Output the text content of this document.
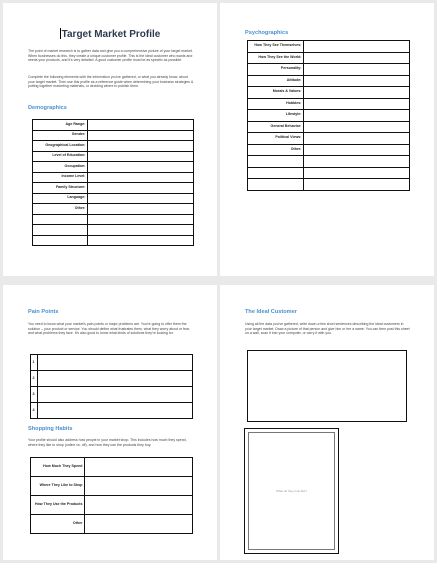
Target Market Profile
The point of market research is to gather data and give you a comprehensive picture of your target market. When businesses do this, they create a unique customer profile. This is the ideal customer who wants and needs your products, and it's very detailed. A good customer profile must be as specific as possible.
Complete the following elements with the information you've gathered, or what you already know, about your target market. Then use this profile as a reference guide when determining your business strategies & putting together marketing materials, or deciding where to publish them.
Demographics
Age Range:	
Gender:	
Geographical Location:	
Level of Education:	
Occupation:	
Income Level:	
Family Structure:	
Language:	
Other:	

Psychographics
How They See Themselves:	
How They See the World:	
Personality:	
Attitude:	
Morals & Values:	
Hobbies:	
Lifestyle:	
General Behavior:	
Political Views:	
Other:	

Pain Points
You need to know what your market's pain points or major problems are. You're going to offer them the solution – your product or service. You should define what frustrates them, what they worry about or fear, and what problems they face. It's also good to know what kinds of solutions they're looking for.
1	
2	
3	
4	
Shopping Habits
Your profile should also address how people in your market shop. This includes how much they spend, where they like to shop (online vs. off), and how they use the products they buy.
How Much They Spend	
Where They Like to Shop	
How They Use the Products	
Other	
The Ideal Customer
Using all the data you've gathered, write down a few short sentences describing the ideal customers in your target market. Draw a picture of that person and give him or her a name. You can then post this sheet on a wall, scan it into your computer, or carry it with you.
What do they look like?
